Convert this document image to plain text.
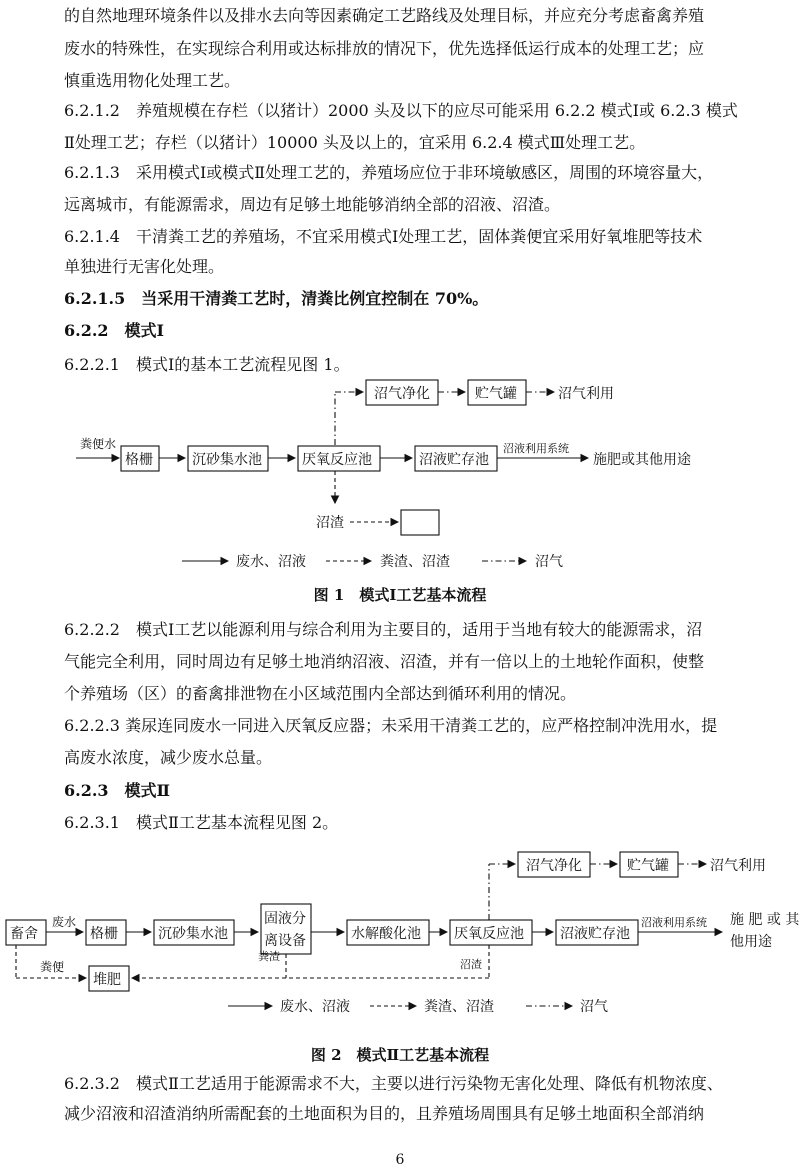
的自然地理环境条件以及排水去向等因素确定工艺路线及处理目标，并应充分考虑畜禽养殖
废水的特殊性，在实现综合利用或达标排放的情况下，优先选择低运行成本的处理工艺；应
慎重选用物化处理工艺。
6.2.1.2　养殖规模在存栏（以猪计）2000 头及以下的应尽可能采用 6.2.2 模式Ⅰ或 6.2.3 模式
Ⅱ处理工艺；存栏（以猪计）10000 头及以上的，宜采用 6.2.4 模式Ⅲ处理工艺。
6.2.1.3　采用模式Ⅰ或模式Ⅱ处理工艺的，养殖场应位于非环境敏感区，周围的环境容量大，
远离城市，有能源需求，周边有足够土地能够消纳全部的沼液、沼渣。
6.2.1.4　干清粪工艺的养殖场，不宜采用模式Ⅰ处理工艺，固体粪便宜采用好氧堆肥等技术
单独进行无害化处理。
6.2.1.5　当采用干清粪工艺时，清粪比例宜控制在 70%。
6.2.2　模式Ⅰ
6.2.2.1　模式Ⅰ的基本工艺流程见图 1。
6.2.2.2　模式Ⅰ工艺以能源利用与综合利用为主要目的，适用于当地有较大的能源需求，沼
气能完全利用，同时周边有足够土地消纳沼液、沼渣，并有一倍以上的土地轮作面积，使整
个养殖场（区）的畜禽排泄物在小区域范围内全部达到循环利用的情况。
6.2.2.3 粪尿连同废水一同进入厌氧反应器；未采用干清粪工艺的，应严格控制冲洗用水，提
高废水浓度，减少废水总量。
6.2.3　模式Ⅱ
6.2.3.1　模式Ⅱ工艺基本流程见图 2。
6.2.3.2　模式Ⅱ工艺适用于能源需求不大，主要以进行污染物无害化处理、降低有机物浓度、
减少沼液和沼渣消纳所需配套的土地面积为目的，且养殖场周围具有足够土地面积全部消纳
沼气净化	贮气罐	沼气利用
粪便水
格栅	沉砂集水池	厌氧反应池	沼液贮存池
沼液利用系统
施肥或其他用途
沼渣
废水、沼液	粪渣、沼渣	沼气
图 1　模式Ⅰ工艺基本流程
沼气净化	贮气罐	沼气利用
畜舍
废水
格栅	沉砂集水池
固液分
离设备	水解酸化池 厌氧反应池	沼液贮存池
沼液利用系统 施 肥 或 其
他用途
粪便
堆肥
粪渣
沼渣
废水、沼液	粪渣、沼渣	沼气
图 2　模式Ⅱ工艺基本流程
6
